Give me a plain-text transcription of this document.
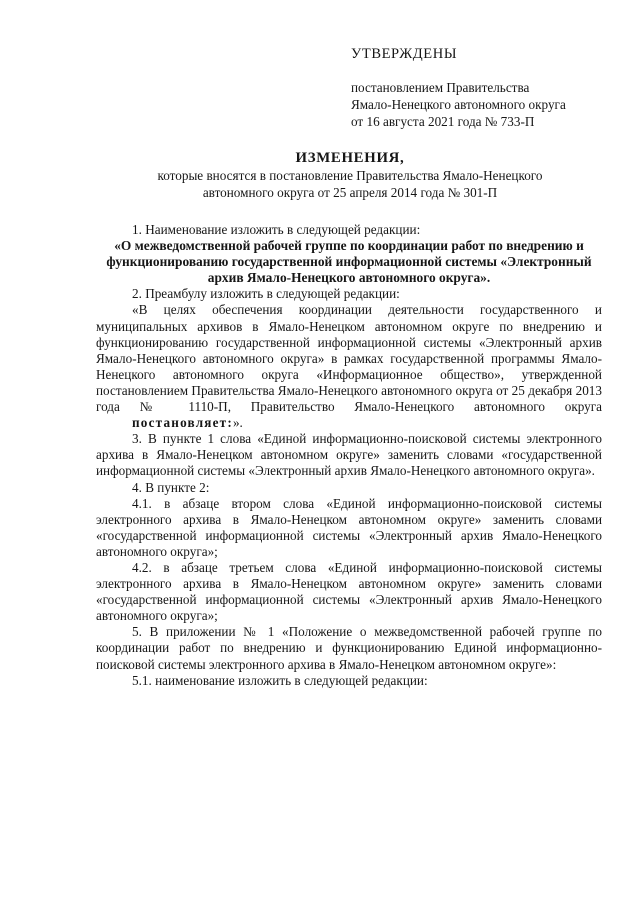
УТВЕРЖДЕНЫ
постановлением Правительства
Ямало-Ненецкого автономного округа
от 16 августа 2021 года № 733-П
ИЗМЕНЕНИЯ,
которые вносятся в постановление Правительства Ямало-Ненецкого
автономного округа от 25 апреля 2014 года № 301-П

1. Наименование изложить в следующей редакции:

«О межведомственной рабочей группе по координации работ по внедрению и функционированию государственной информационной системы «Электронный архив Ямало-Ненецкого автономного округа».

2. Преамбулу изложить в следующей редакции:

«В целях обеспечения координации деятельности государственного и муниципальных архивов в Ямало-Ненецком автономном округе по внедрению и функционированию государственной информационной системы «Электронный архив Ямало-Ненецкого автономного округа» в рамках государственной программы Ямало-Ненецкого автономного округа «Информационное общество», утвержденной постановлением Правительства Ямало-Ненецкого автономного округа от 25 декабря 2013 года № 1110-П, Правительство Ямало-Ненецкого автономного округа постановляет:».

3. В пункте 1 слова «Единой информационно-поисковой системы электронного архива в Ямало-Ненецком автономном округе» заменить словами «государственной информационной системы «Электронный архив Ямало-Ненецкого автономного округа».

4. В пункте 2:

4.1. в абзаце втором слова «Единой информационно-поисковой системы электронного архива в Ямало-Ненецком автономном округе» заменить словами «государственной информационной системы «Электронный архив Ямало-Ненецкого автономного округа»;

4.2. в абзаце третьем слова «Единой информационно-поисковой системы электронного архива в Ямало-Ненецком автономном округе» заменить словами «государственной информационной системы «Электронный архив Ямало-Ненецкого автономного округа»;

5. В приложении № 1 «Положение о межведомственной рабочей группе по координации работ по внедрению и функционированию Единой информационно-поисковой системы электронного архива в Ямало-Ненецком автономном округе»:

5.1. наименование изложить в следующей редакции:
